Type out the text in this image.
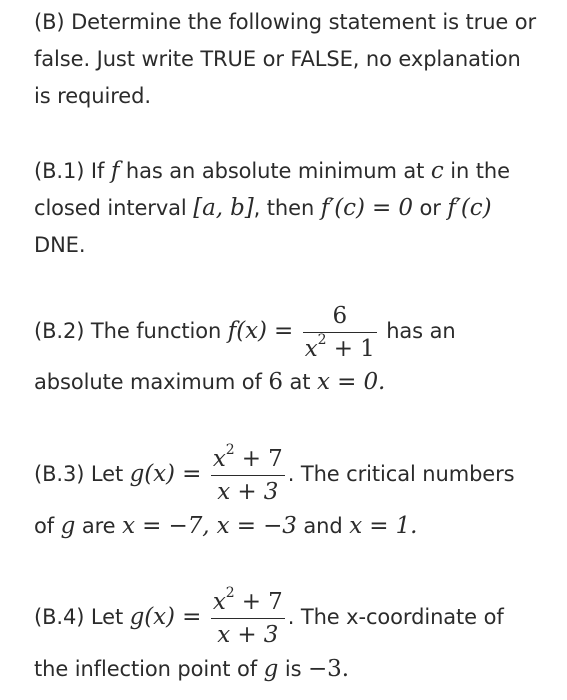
(B) Determine the following statement is true or
false. Just write TRUE or FALSE, no explanation
is required.
(B.1) If f has an absolute minimum at c in the
closed interval [a, b], then f′(c) = 0 or f′(c)
DNE.
(B.2) The function $f(x) = \frac{6}{x^2 + 1}$ has an
absolute maximum of 6 at x = 0.
(B.3) Let $g(x) = \frac{x^2 + 7}{x + 3}$ . The critical numbers
of g are x = −7, x = −3 and x = 1.
(B.4) Let $g(x) = \frac{x^2 + 7}{x + 3}$ . The x-coordinate of
the inflection point of g is −3.
